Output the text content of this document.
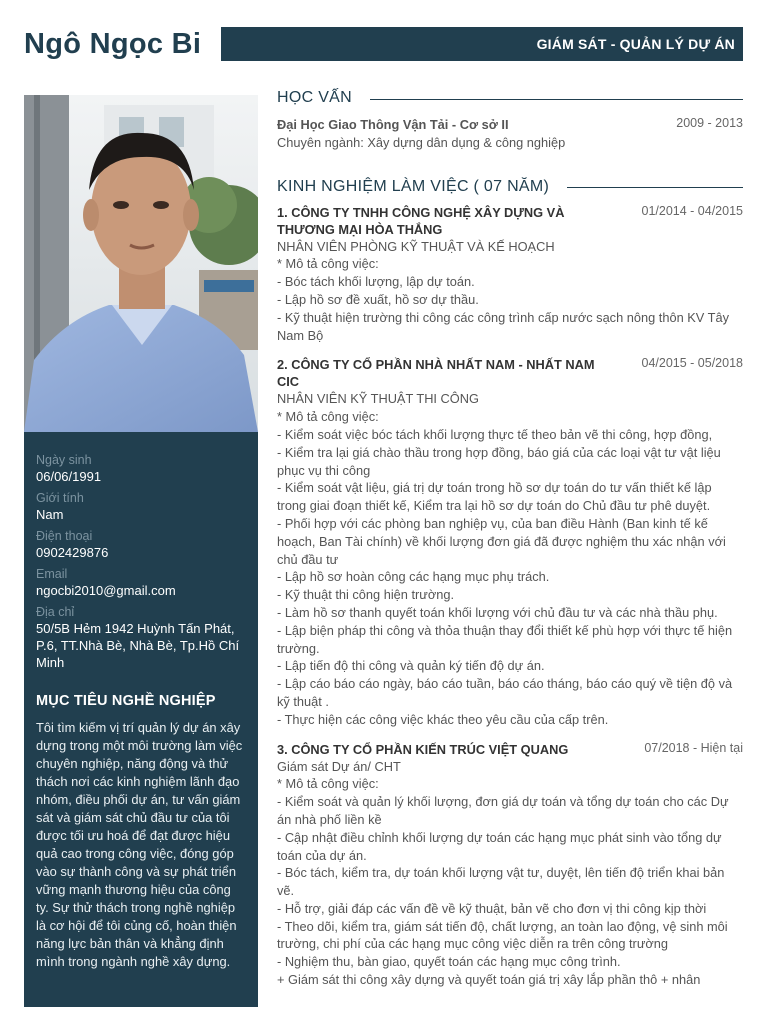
Ngô Ngọc Bi	GIÁM SÁT - QUẢN LÝ DỰ ÁN
Ngày sinh
06/06/1991
Giới tính
Nam
Điện thoại
0902429876
Email
ngocbi2010@gmail.com
Địa chỉ
50/5B Hẻm 1942 Huỳnh Tấn Phát, P.6, TT.Nhà Bè, Nhà Bè, Tp.Hồ Chí Minh
MỤC TIÊU NGHỀ NGHIỆP
Tôi tìm kiếm vị trí quản lý dự án xây dựng trong một môi trường làm việc chuyên nghiệp, năng động và thử thách nơi các kinh nghiệm lãnh đạo nhóm, điều phối dự án, tư vấn giám sát và giám sát chủ đầu tư của tôi được tối ưu hoá để đạt được hiệu quả cao trong công việc, đóng góp vào sự thành công và sự phát triển vững mạnh thương hiệu của công ty. Sự thử thách trong nghề nghiệp là cơ hội để tôi củng cố, hoàn thiện năng lực bản thân và khẳng định mình trong ngành nghề xây dựng.
HỌC VẤN
Đại Học Giao Thông Vận Tải - Cơ sở II	2009 - 2013
Chuyên ngành: Xây dựng dân dụng & công nghiệp
KINH NGHIỆM LÀM VIỆC ( 07 NĂM)
1. CÔNG TY TNHH CÔNG NGHỆ XÂY DỰNG VÀ THƯƠNG MẠI HÒA THẮNG
01/2014 - 04/2015
NHÂN VIÊN PHÒNG KỸ THUẬT VÀ KẾ HOẠCH
* Mô tả công việc:
- Bóc tách khối lượng, lập dự toán.
- Lập hồ sơ đề xuất, hồ sơ dự thầu.
- Kỹ thuật hiện trường thi công các công trình cấp nước sạch nông thôn KV Tây Nam Bộ
2. CÔNG TY CỔ PHẦN NHÀ NHẤT NAM - NHẤT NAM CIC
04/2015 - 05/2018
NHÂN VIÊN KỸ THUẬT THI CÔNG
* Mô tả công việc:
- Kiểm soát việc bóc tách khối lượng thực tế theo bản vẽ thi công, hợp đồng,
- Kiểm tra lại giá chào thầu trong hợp đồng, báo giá của các loại vật tư vật liệu phục vụ thi công
- Kiểm soát vật liệu, giá trị dự toán trong hồ sơ dự toán do tư vấn thiết kế lập trong giai đoạn thiết kế, Kiểm tra lại hồ sơ dự toán do Chủ đầu tư phê duyệt.
- Phối hợp với các phòng ban nghiệp vụ, của ban điều Hành (Ban kinh tế kế hoạch, Ban Tài chính) về khối lượng đơn giá đã được nghiệm thu xác nhận với chủ đầu tư
- Lập hồ sơ hoàn công các hạng mục phụ trách.
- Kỹ thuật thi công hiện trường.
- Làm hồ sơ thanh quyết toán khối lượng với chủ đầu tư và các nhà thầu phụ.
- Lập biện pháp thi công và thỏa thuận thay đổi thiết kế phù hợp với thực tế hiện trường.
- Lập tiến độ thi công và quản ký tiến độ dự án.
- Lập cáo báo cáo ngày, báo cáo tuần, báo cáo tháng, báo cáo quý về tiện độ và kỹ thuật .
- Thực hiện các công việc khác theo yêu cầu của cấp trên.
3. CÔNG TY CỔ PHẦN KIẾN TRÚC VIỆT QUANG	07/2018 - Hiện tại
Giám sát Dự án/ CHT
* Mô tả công việc:
- Kiểm soát và quản lý khối lượng, đơn giá dự toán và tổng dự toán cho các Dự án nhà phố liền kề
- Cập nhật điều chỉnh khối lượng dự toán các hạng mục phát sinh vào tổng dự toán của dự án.
- Bóc tách, kiểm tra, dự toán khối lượng vật tư, duyệt, lên tiến độ triển khai bản vẽ.
- Hỗ trợ, giải đáp các vấn đề về kỹ thuật, bản vẽ cho đơn vị thi công kịp thời
- Theo dõi, kiểm tra, giám sát tiến độ, chất lượng, an toàn lao động, vệ sinh môi trường, chi phí của các hạng mục công việc diễn ra trên công trường
- Nghiệm thu, bàn giao, quyết toán các hạng mục công trình.
+ Giám sát thi công xây dựng và quyết toán giá trị xây lắp phần thô + nhân
